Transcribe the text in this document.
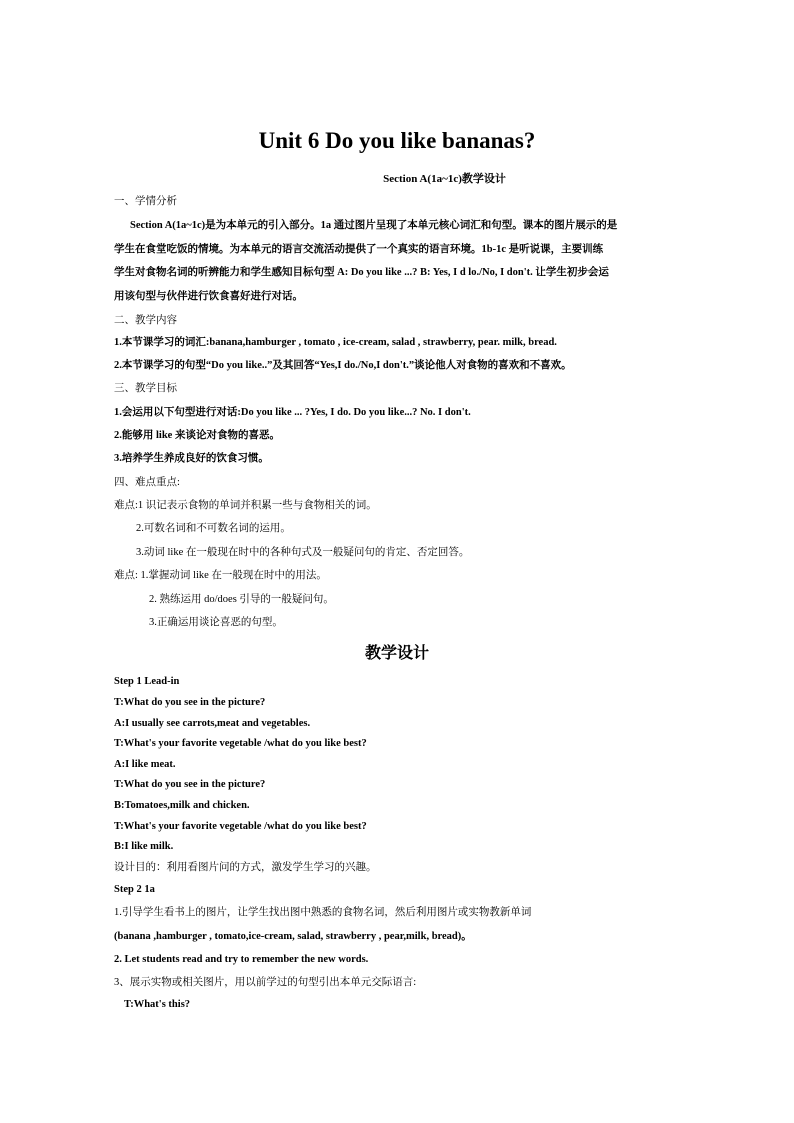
Unit 6 Do you like bananas?
Section A(1a~1c)教学设计
一、学情分析
Section A(1a~1c)是为本单元的引入部分。1a 通过图片呈现了本单元核心词汇和句型。课本的图片展示的是
学生在食堂吃饭的情境。为本单元的语言交流活动提供了一个真实的语言环境。1b-1c 是听说课，主要训练
学生对食物名词的听辨能力和学生感知目标句型 A: Do you like ...? B: Yes, I d lo./No, I don't. 让学生初步会运
用该句型与伙伴进行饮食喜好进行对话。
二、教学内容
1.本节课学习的词汇:banana,hamburger , tomato , ice-cream, salad , strawberry, pear. milk, bread.
2.本节课学习的句型“Do you like..”及其回答“Yes,I do./No,I don't.”谈论他人对食物的喜欢和不喜欢。
三、教学目标
1.会运用以下句型进行对话:Do you like ... ?Yes, I do. Do you like...? No. I don't.
2.能够用 like 来谈论对食物的喜恶。
3.培养学生养成良好的饮食习惯。
四、难点重点:
难点:1 识记表示食物的单词并积累一些与食物相关的词。
2.可数名词和不可数名词的运用。
3.动词 like 在一般现在时中的各种句式及一般疑问句的肯定、否定回答。
难点: 1.掌握动词 like 在一般现在时中的用法。
2. 熟练运用 do/does 引导的一般疑问句。
3.正确运用谈论喜恶的句型。
教学设计
Step 1 Lead-in
T:What do you see in the picture?
A:I usually see carrots,meat and vegetables.
T:What's your favorite vegetable /what do you like best?
A:I like meat.
T:What do you see in the picture?
B:Tomatoes,milk and chicken.
T:What's your favorite vegetable /what do you like best?
B:I like milk.
设计目的：利用看图片问的方式，激发学生学习的兴趣。
Step 2 1a
1.引导学生看书上的图片，让学生找出图中熟悉的食物名词，然后利用图片或实物教新单词
(banana ,hamburger , tomato,ice-cream, salad, strawberry , pear,milk, bread)。
2. Let students read and try to remember the new words.
3、展示实物或相关图片，用以前学过的句型引出本单元交际语言:
T:What's this?
